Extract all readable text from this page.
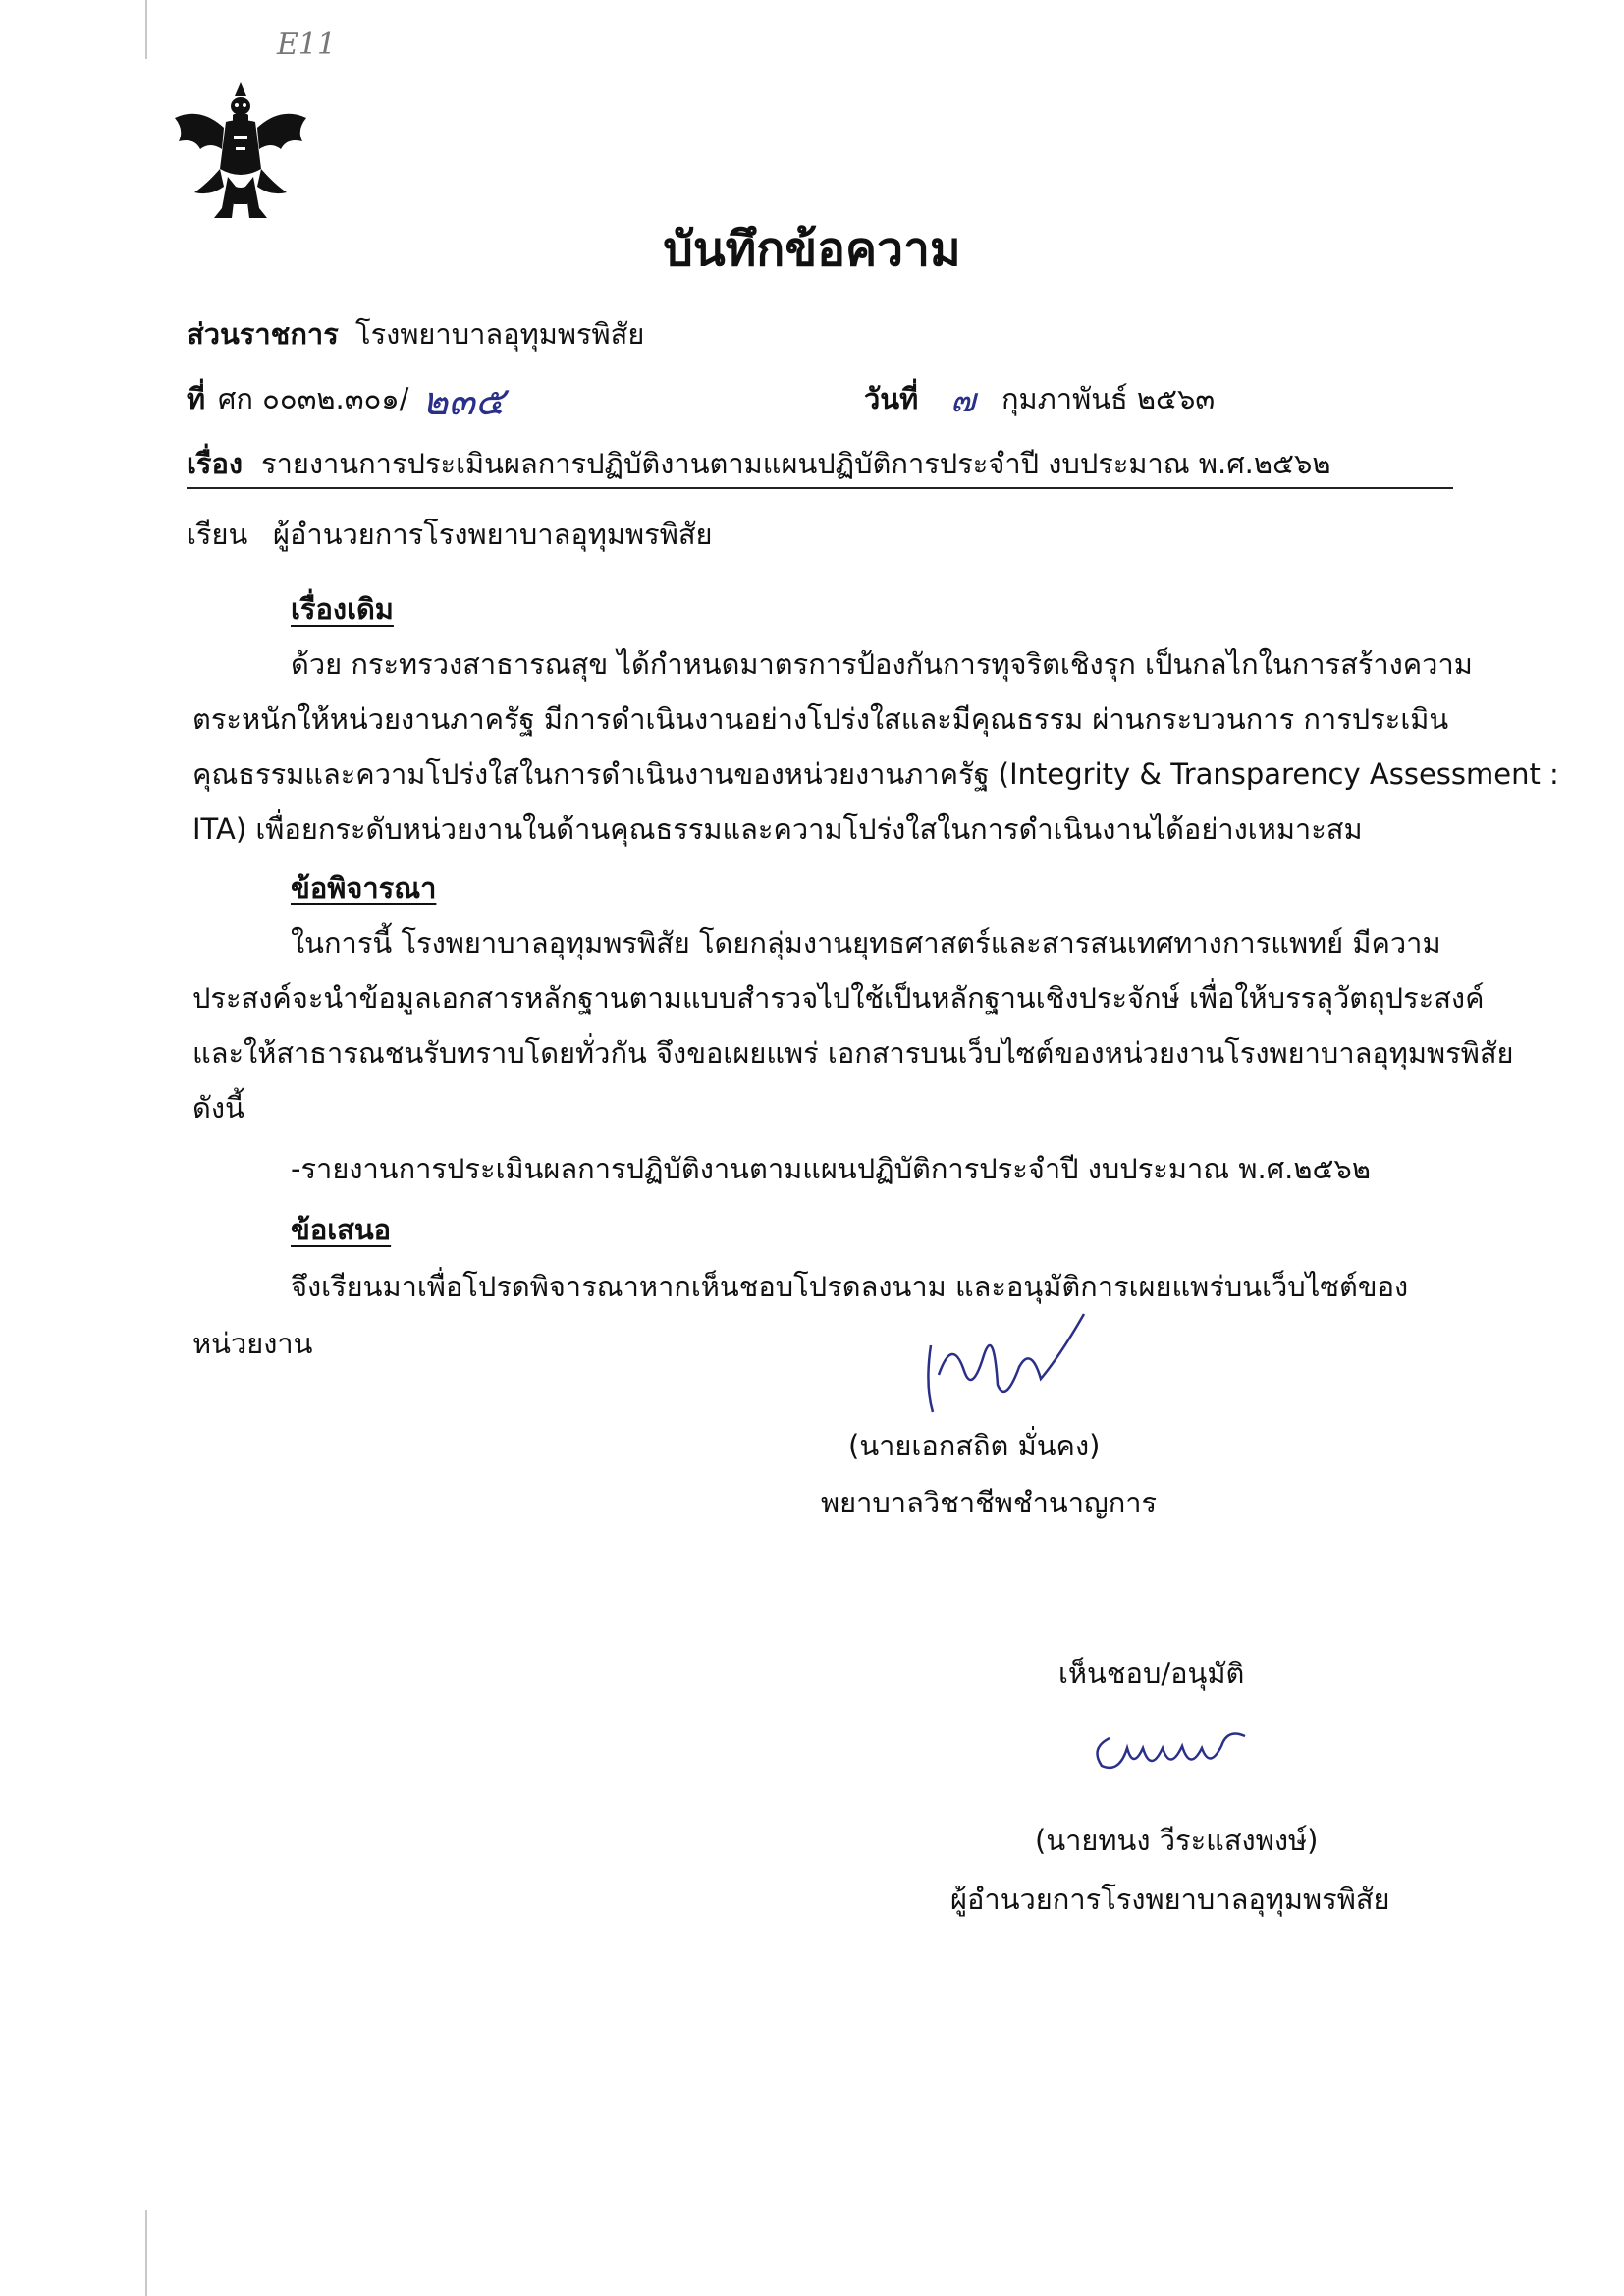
E11
บันทึกข้อความ
ส่วนราชการ โรงพยาบาลอุทุมพรพิสัย
ที่ ศก ๐๐๓๒.๓๐๑/ ๒๓๕	วันที่ ๗ กุมภาพันธ์ ๒๕๖๓
เรื่อง รายงานการประเมินผลการปฏิบัติงานตามแผนปฏิบัติการประจำปี งบประมาณ พ.ศ.๒๕๖๒
เรียน ผู้อำนวยการโรงพยาบาลอุทุมพรพิสัย
เรื่องเดิม
ด้วย กระทรวงสาธารณสุข ได้กำหนดมาตรการป้องกันการทุจริตเชิงรุก เป็นกลไกในการสร้างความ
ตระหนักให้หน่วยงานภาครัฐ มีการดำเนินงานอย่างโปร่งใสและมีคุณธรรม ผ่านกระบวนการ การประเมิน
คุณธรรมและความโปร่งใสในการดำเนินงานของหน่วยงานภาครัฐ (Integrity & Transparency Assessment :
ITA) เพื่อยกระดับหน่วยงานในด้านคุณธรรมและความโปร่งใสในการดำเนินงานได้อย่างเหมาะสม
ข้อพิจารณา
ในการนี้ โรงพยาบาลอุทุมพรพิสัย โดยกลุ่มงานยุทธศาสตร์และสารสนเทศทางการแพทย์ มีความ
ประสงค์จะนำข้อมูลเอกสารหลักฐานตามแบบสำรวจไปใช้เป็นหลักฐานเชิงประจักษ์ เพื่อให้บรรลุวัตถุประสงค์
และให้สาธารณชนรับทราบโดยทั่วกัน จึงขอเผยแพร่ เอกสารบนเว็บไซต์ของหน่วยงานโรงพยาบาลอุทุมพรพิสัย
ดังนี้
-รายงานการประเมินผลการปฏิบัติงานตามแผนปฏิบัติการประจำปี งบประมาณ พ.ศ.๒๕๖๒
ข้อเสนอ
จึงเรียนมาเพื่อโปรดพิจารณาหากเห็นชอบโปรดลงนาม และอนุมัติการเผยแพร่บนเว็บไซต์ของ
หน่วยงาน
(นายเอกสถิต มั่นคง)
พยาบาลวิชาชีพชำนาญการ
เห็นชอบ/อนุมัติ
(นายทนง วีระแสงพงษ์)
ผู้อำนวยการโรงพยาบาลอุทุมพรพิสัย
